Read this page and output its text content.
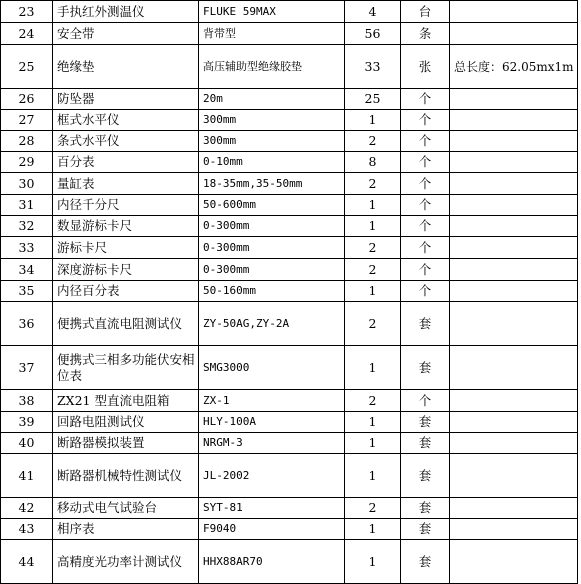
23	手执红外测温仪	FLUKE 59MAX	4	台	
24	安全带	背带型	56	条	
25	绝缘垫	高压辅助型绝缘胶垫	33	张	总长度：62.05mx1m
26	防坠器	20m	25	个	
27	框式水平仪	300mm	1	个	
28	条式水平仪	300mm	2	个	
29	百分表	0-10mm	8	个	
30	量缸表	18-35mm,35-50mm	2	个	
31	内径千分尺	50-600mm	1	个	
32	数显游标卡尺	0-300mm	1	个	
33	游标卡尺	0-300mm	2	个	
34	深度游标卡尺	0-300mm	2	个	
35	内径百分表	50-160mm	1	个	
36	便携式直流电阻测试仪	ZY-50AG,ZY-2A	2	套	
37	便携式三相多功能伏安相位表	SMG3000	1	套	
38	ZX21 型直流电阻箱	ZX-1	2	个	
39	回路电阻测试仪	HLY-100A	1	套	
40	断路器模拟装置	NRGM-3	1	套	
41	断路器机械特性测试仪	JL-2002	1	套	
42	移动式电气试验台	SYT-81	2	套	
43	相序表	F9040	1	套	
44	高精度光功率计测试仪	HHX88AR70	1	套	
